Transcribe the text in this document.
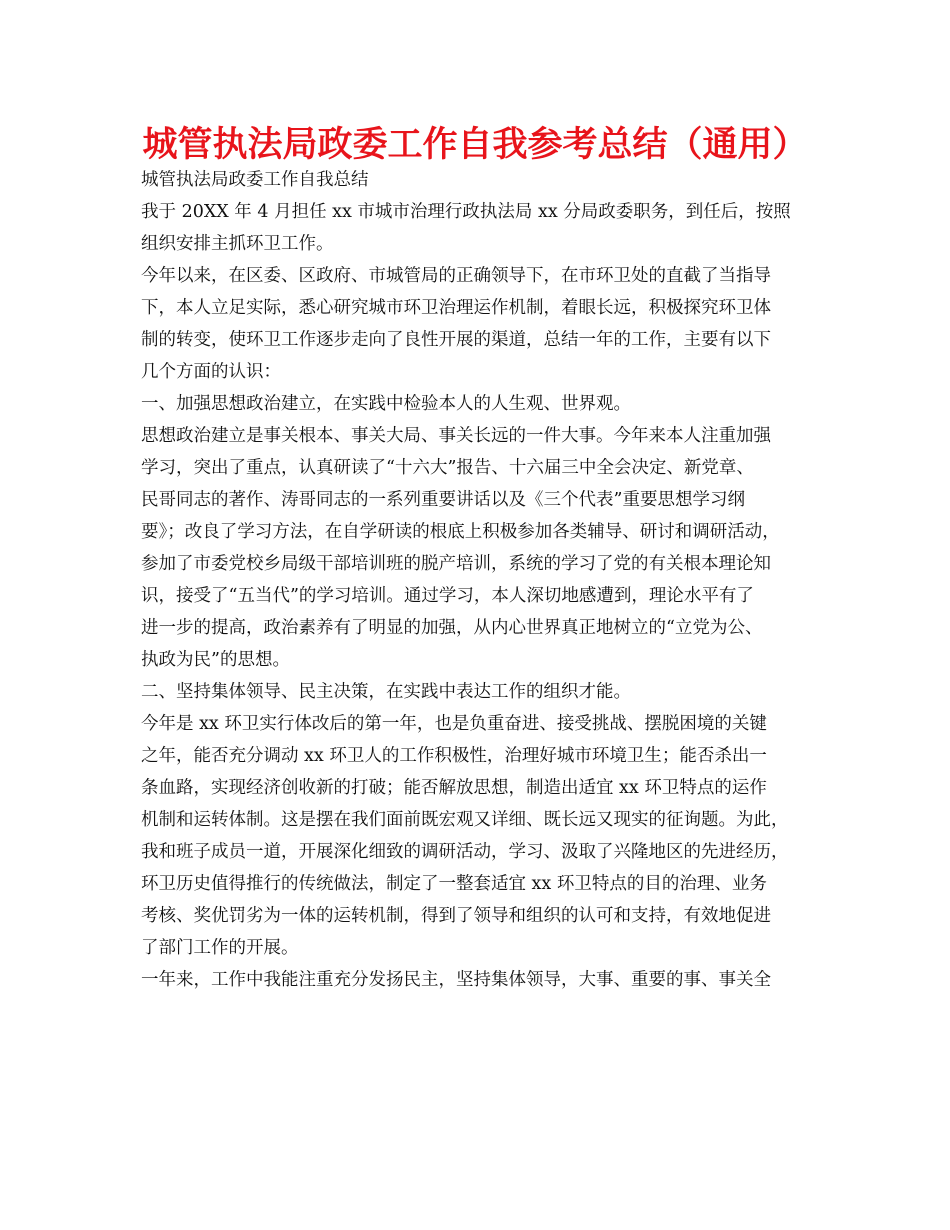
城管执法局政委工作自我参考总结（通用）
城管执法局政委工作自我总结
我于 20XX 年 4 月担任 xx 市城市治理行政执法局 xx 分局政委职务，到任后，按照
组织安排主抓环卫工作。
今年以来，在区委、区政府、市城管局的正确领导下，在市环卫处的直截了当指导
下，本人立足实际，悉心研究城市环卫治理运作机制，着眼长远，积极探究环卫体
制的转变，使环卫工作逐步走向了良性开展的渠道，总结一年的工作，主要有以下
几个方面的认识：
一、加强思想政治建立，在实践中检验本人的人生观、世界观。
思想政治建立是事关根本、事关大局、事关长远的一件大事。今年来本人注重加强
学习，突出了重点，认真研读了“十六大”报告、十六届三中全会决定、新党章、
民哥同志的著作、涛哥同志的一系列重要讲话以及《三个代表”重要思想学习纲
要》；改良了学习方法，在自学研读的根底上积极参加各类辅导、研讨和调研活动，
参加了市委党校乡局级干部培训班的脱产培训，系统的学习了党的有关根本理论知
识，接受了“五当代”的学习培训。通过学习，本人深切地感遭到，理论水平有了
进一步的提高，政治素养有了明显的加强，从内心世界真正地树立的“立党为公、
执政为民”的思想。
二、坚持集体领导、民主决策，在实践中表达工作的组织才能。
今年是 xx 环卫实行体改后的第一年，也是负重奋进、接受挑战、摆脱困境的关键
之年，能否充分调动 xx 环卫人的工作积极性，治理好城市环境卫生；能否杀出一
条血路，实现经济创收新的打破；能否解放思想，制造出适宜 xx 环卫特点的运作
机制和运转体制。这是摆在我们面前既宏观又详细、既长远又现实的征询题。为此，
我和班子成员一道，开展深化细致的调研活动，学习、汲取了兴隆地区的先进经历，
环卫历史值得推行的传统做法，制定了一整套适宜 xx 环卫特点的目的治理、业务
考核、奖优罚劣为一体的运转机制，得到了领导和组织的认可和支持，有效地促进
了部门工作的开展。
一年来，工作中我能注重充分发扬民主，坚持集体领导，大事、重要的事、事关全
